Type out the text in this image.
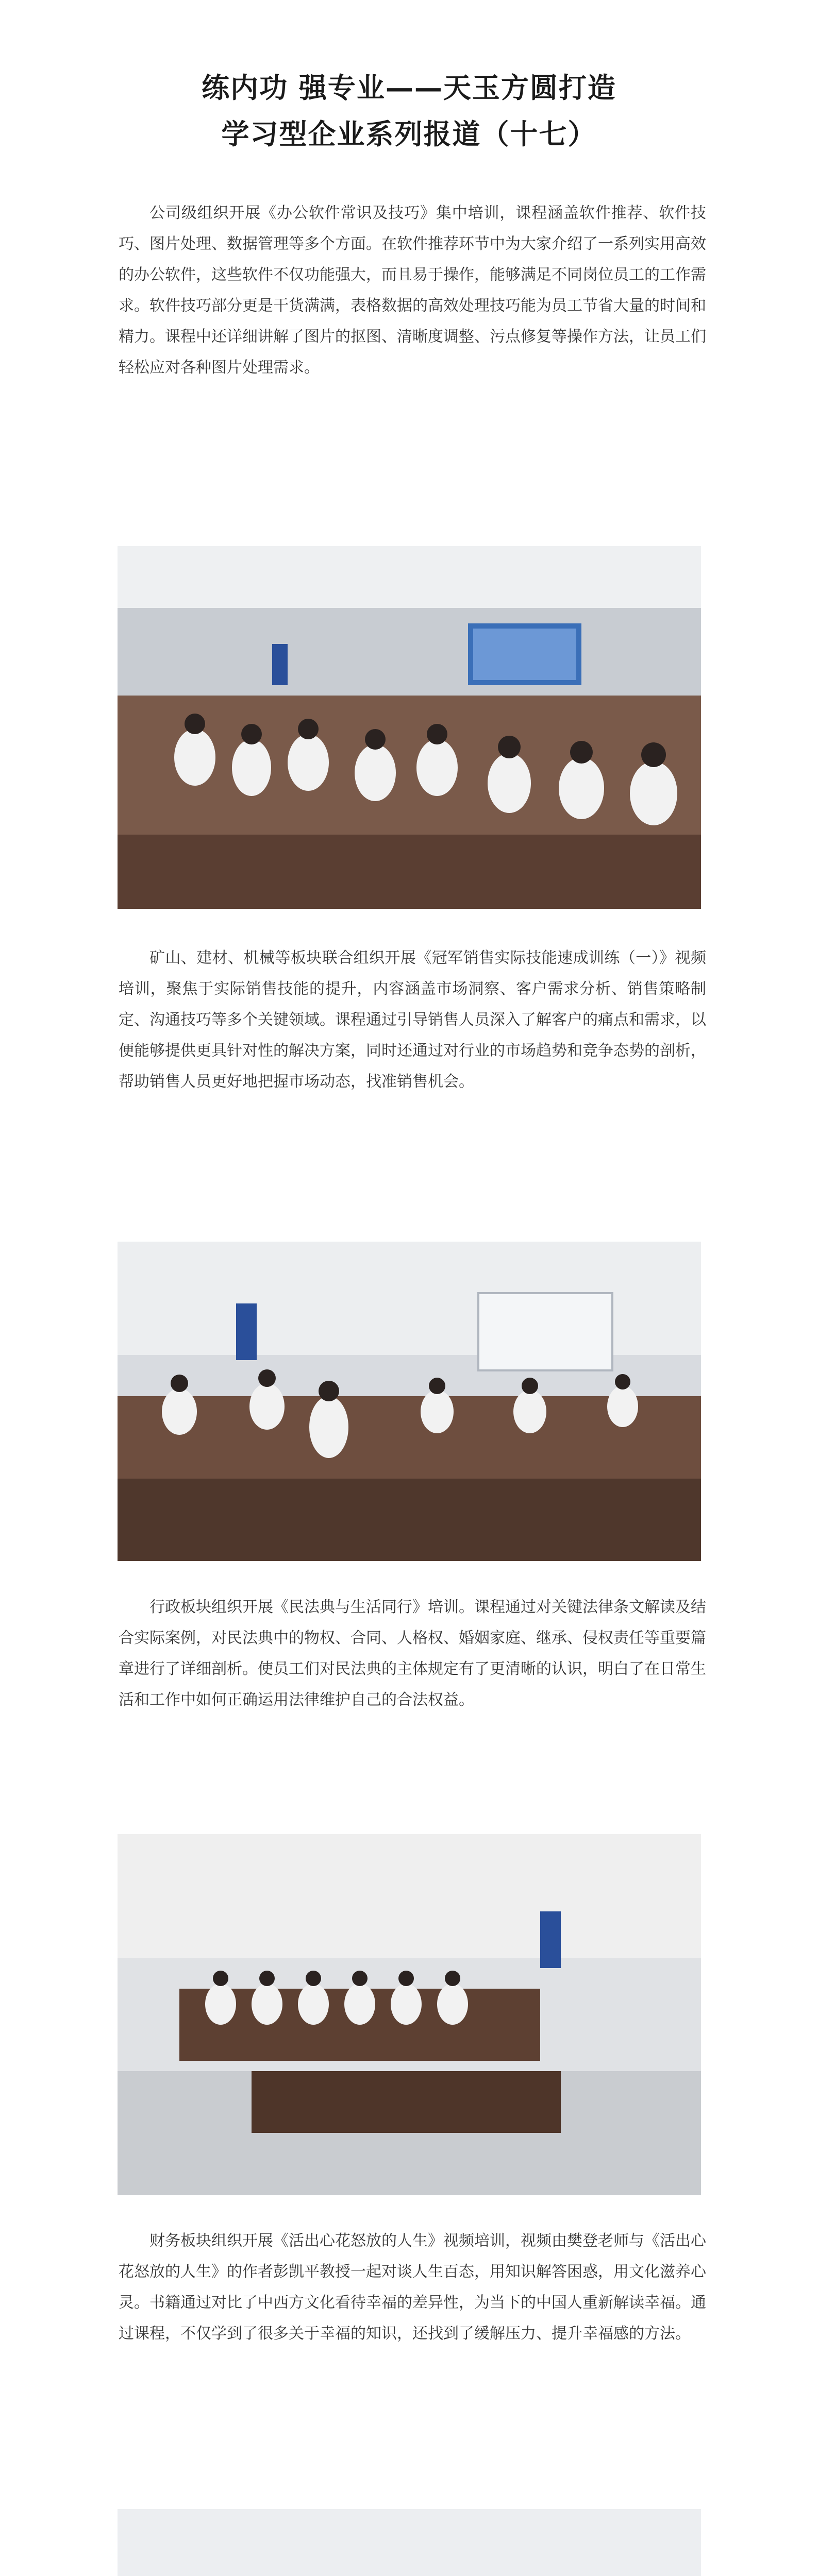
练内功 强专业——天玉方圆打造
学习型企业系列报道（十七）

公司级组织开展《办公软件常识及技巧》集中培训，课程涵盖软件推荐、软件技巧、图片处理、数据管理等多个方面。在软件推荐环节中为大家介绍了一系列实用高效的办公软件，这些软件不仅功能强大，而且易于操作，能够满足不同岗位员工的工作需求。软件技巧部分更是干货满满，表格数据的高效处理技巧能为员工节省大量的时间和精力。课程中还详细讲解了图片的抠图、清晰度调整、污点修复等操作方法，让员工们轻松应对各种图片处理需求。

矿山、建材、机械等板块联合组织开展《冠军销售实际技能速成训练（一）》视频培训，聚焦于实际销售技能的提升，内容涵盖市场洞察、客户需求分析、销售策略制定、沟通技巧等多个关键领域。课程通过引导销售人员深入了解客户的痛点和需求，以便能够提供更具针对性的解决方案，同时还通过对行业的市场趋势和竞争态势的剖析，帮助销售人员更好地把握市场动态，找准销售机会。

行政板块组织开展《民法典与生活同行》培训。课程通过对关键法律条文解读及结合实际案例，对民法典中的物权、合同、人格权、婚姻家庭、继承、侵权责任等重要篇章进行了详细剖析。使员工们对民法典的主体规定有了更清晰的认识，明白了在日常生活和工作中如何正确运用法律维护自己的合法权益。

财务板块组织开展《活出心花怒放的人生》视频培训，视频由樊登老师与《活出心花怒放的人生》的作者彭凯平教授一起对谈人生百态，用知识解答困惑，用文化滋养心灵。书籍通过对比了中西方文化看待幸福的差异性，为当下的中国人重新解读幸福。通过课程，不仅学到了很多关于幸福的知识，还找到了缓解压力、提升幸福感的方法。
